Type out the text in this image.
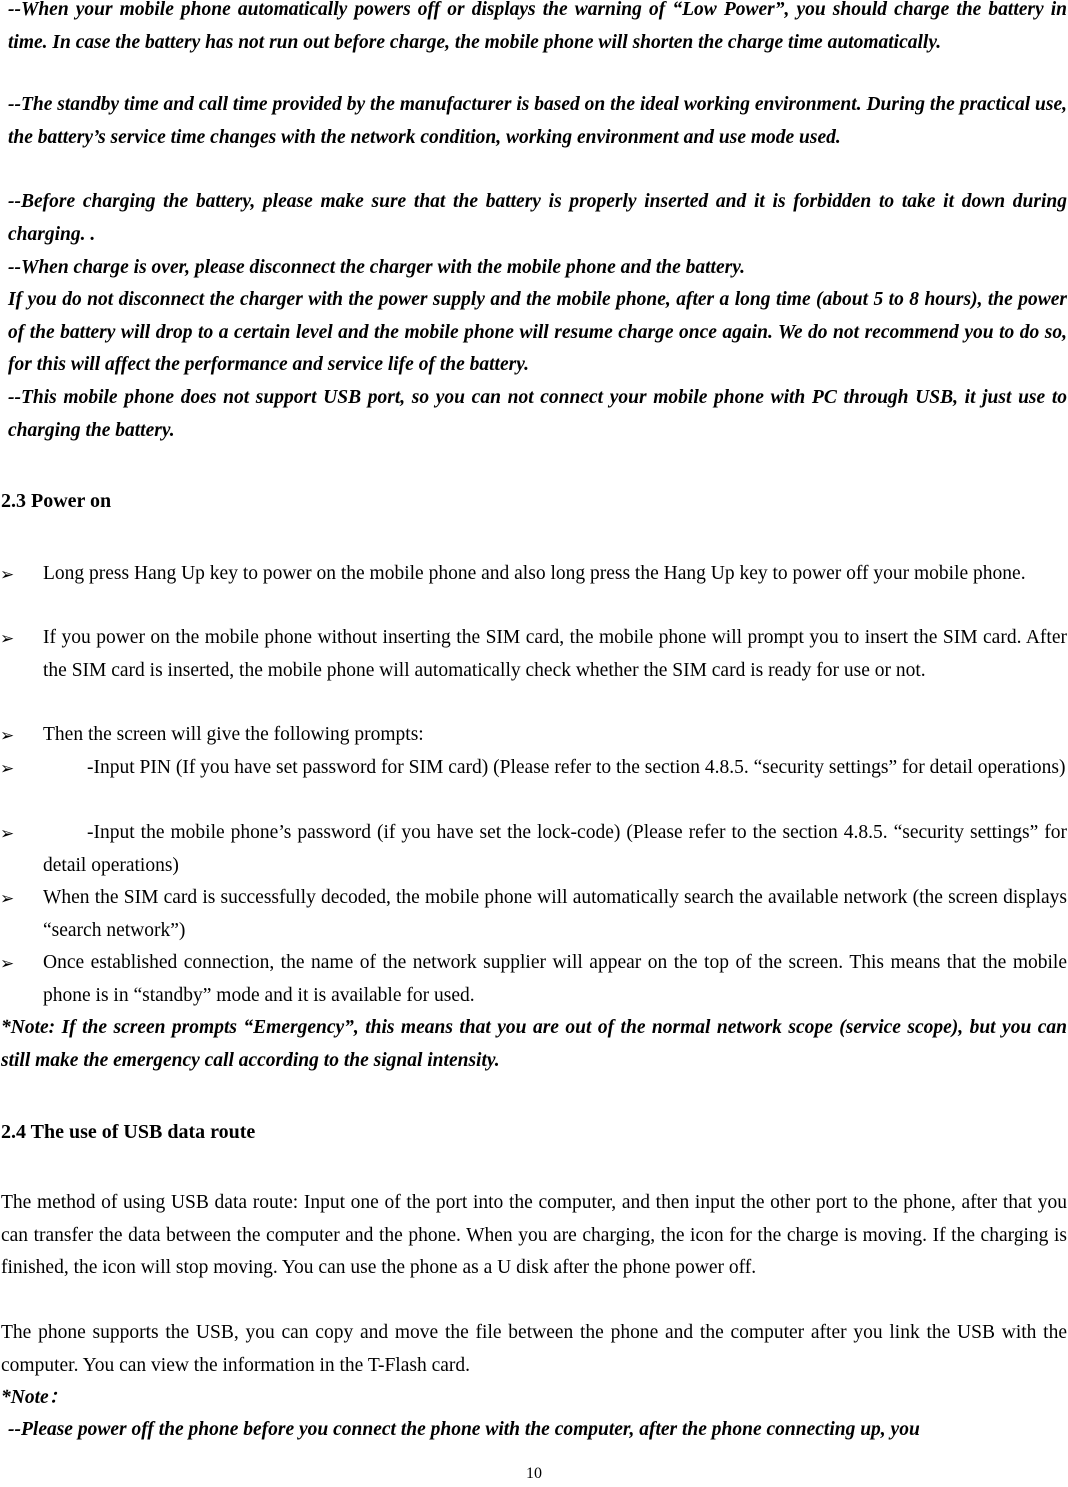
--When your mobile phone automatically powers off or displays the warning of “Low Power”, you should charge the battery in time. In case the battery has not run out before charge, the mobile phone will shorten the charge time automatically.

--The standby time and call time provided by the manufacturer is based on the ideal working environment. During the practical use, the battery’s service time changes with the network condition, working environment and use mode used.

--Before charging the battery, please make sure that the battery is properly inserted and it is forbidden to take it down during charging. .

--When charge is over, please disconnect the charger with the mobile phone and the battery.

If you do not disconnect the charger with the power supply and the mobile phone, after a long time (about 5 to 8 hours), the power of the battery will drop to a certain level and the mobile phone will resume charge once again. We do not recommend you to do so, for this will affect the performance and service life of the battery.

--This mobile phone does not support USB port, so you can not connect your mobile phone with PC through USB, it just use to charging the battery.

2.3 Power on
➢ Long press Hang Up key to power on the mobile phone and also long press the Hang Up key to power off your mobile phone.

➢ If you power on the mobile phone without inserting the SIM card, the mobile phone will prompt you to insert the SIM card. After the SIM card is inserted, the mobile phone will automatically check whether the SIM card is ready for use or not.

➢ Then the screen will give the following prompts:

➢	-Input PIN (If you have set password for SIM card) (Please refer to the section 4.8.5. “security settings” for detail operations)

➢	-Input the mobile phone’s password (if you have set the lock-code) (Please refer to the section 4.8.5. “security settings” for detail operations)

➢ When the SIM card is successfully decoded, the mobile phone will automatically search the available network (the screen displays “search network”)

➢ Once established connection, the name of the network supplier will appear on the top of the screen. This means that the mobile phone is in “standby” mode and it is available for used.

*Note: If the screen prompts “Emergency”, this means that you are out of the normal network scope (service scope), but you can still make the emergency call according to the signal intensity.

2.4 The use of USB data route

The method of using USB data route: Input one of the port into the computer, and then input the other port to the phone, after that you can transfer the data between the computer and the phone. When you are charging, the icon for the charge is moving. If the charging is finished, the icon will stop moving. You can use the phone as a U disk after the phone power off.

The phone supports the USB, you can copy and move the file between the phone and the computer after you link the USB with the computer. You can view the information in the T-Flash card.

*Note：

--Please power off the phone before you connect the phone with the computer, after the phone connecting up, you

10
